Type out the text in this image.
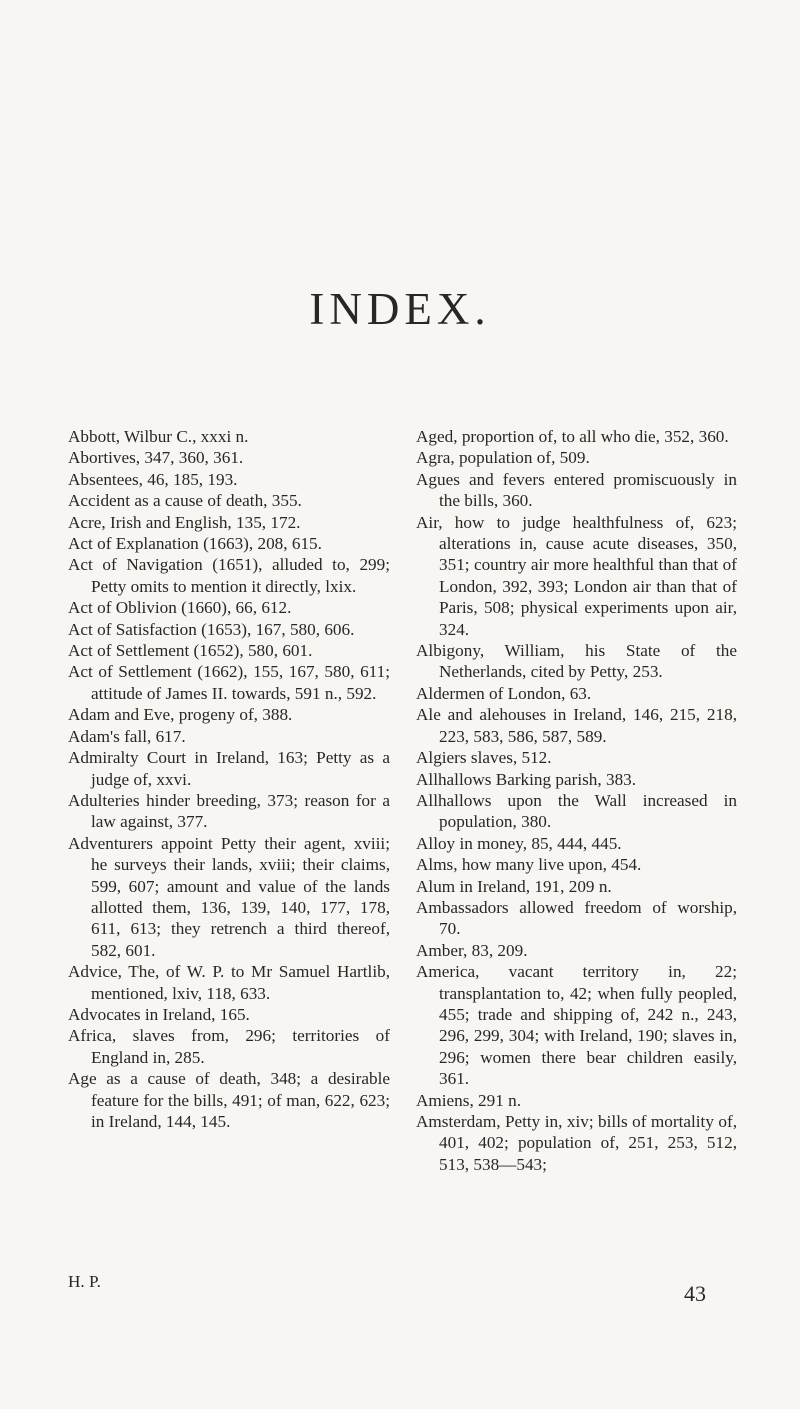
INDEX.
Abbott, Wilbur C., xxxi n.
Abortives, 347, 360, 361.
Absentees, 46, 185, 193.
Accident as a cause of death, 355.
Acre, Irish and English, 135, 172.
Act of Explanation (1663), 208, 615.
Act of Navigation (1651), alluded to, 299; Petty omits to mention it directly, lxix.
Act of Oblivion (1660), 66, 612.
Act of Satisfaction (1653), 167, 580, 606.
Act of Settlement (1652), 580, 601.
Act of Settlement (1662), 155, 167, 580, 611; attitude of James II. towards, 591 n., 592.
Adam and Eve, progeny of, 388.
Adam's fall, 617.
Admiralty Court in Ireland, 163; Petty as a judge of, xxvi.
Adulteries hinder breeding, 373; reason for a law against, 377.
Adventurers appoint Petty their agent, xviii; he surveys their lands, xviii; their claims, 599, 607; amount and value of the lands allotted them, 136, 139, 140, 177, 178, 611, 613; they retrench a third thereof, 582, 601.
Advice, The, of W. P. to Mr Samuel Hartlib, mentioned, lxiv, 118, 633.
Advocates in Ireland, 165.
Africa, slaves from, 296; territories of England in, 285.
Age as a cause of death, 348; a desirable feature for the bills, 491; of man, 622, 623; in Ireland, 144, 145.
Aged, proportion of, to all who die, 352, 360.
Agra, population of, 509.
Agues and fevers entered promiscuously in the bills, 360.
Air, how to judge healthfulness of, 623; alterations in, cause acute diseases, 350, 351; country air more healthful than that of London, 392, 393; London air than that of Paris, 508; physical experiments upon air, 324.
Albigony, William, his State of the Netherlands, cited by Petty, 253.
Aldermen of London, 63.
Ale and alehouses in Ireland, 146, 215, 218, 223, 583, 586, 587, 589.
Algiers slaves, 512.
Allhallows Barking parish, 383.
Allhallows upon the Wall increased in population, 380.
Alloy in money, 85, 444, 445.
Alms, how many live upon, 454.
Alum in Ireland, 191, 209 n.
Ambassadors allowed freedom of worship, 70.
Amber, 83, 209.
America, vacant territory in, 22; transplantation to, 42; when fully peopled, 455; trade and shipping of, 242 n., 243, 296, 299, 304; with Ireland, 190; slaves in, 296; women there bear children easily, 361.
Amiens, 291 n.
Amsterdam, Petty in, xiv; bills of mortality of, 401, 402; population of, 251, 253, 512, 513, 538—543;
H. P.	43
